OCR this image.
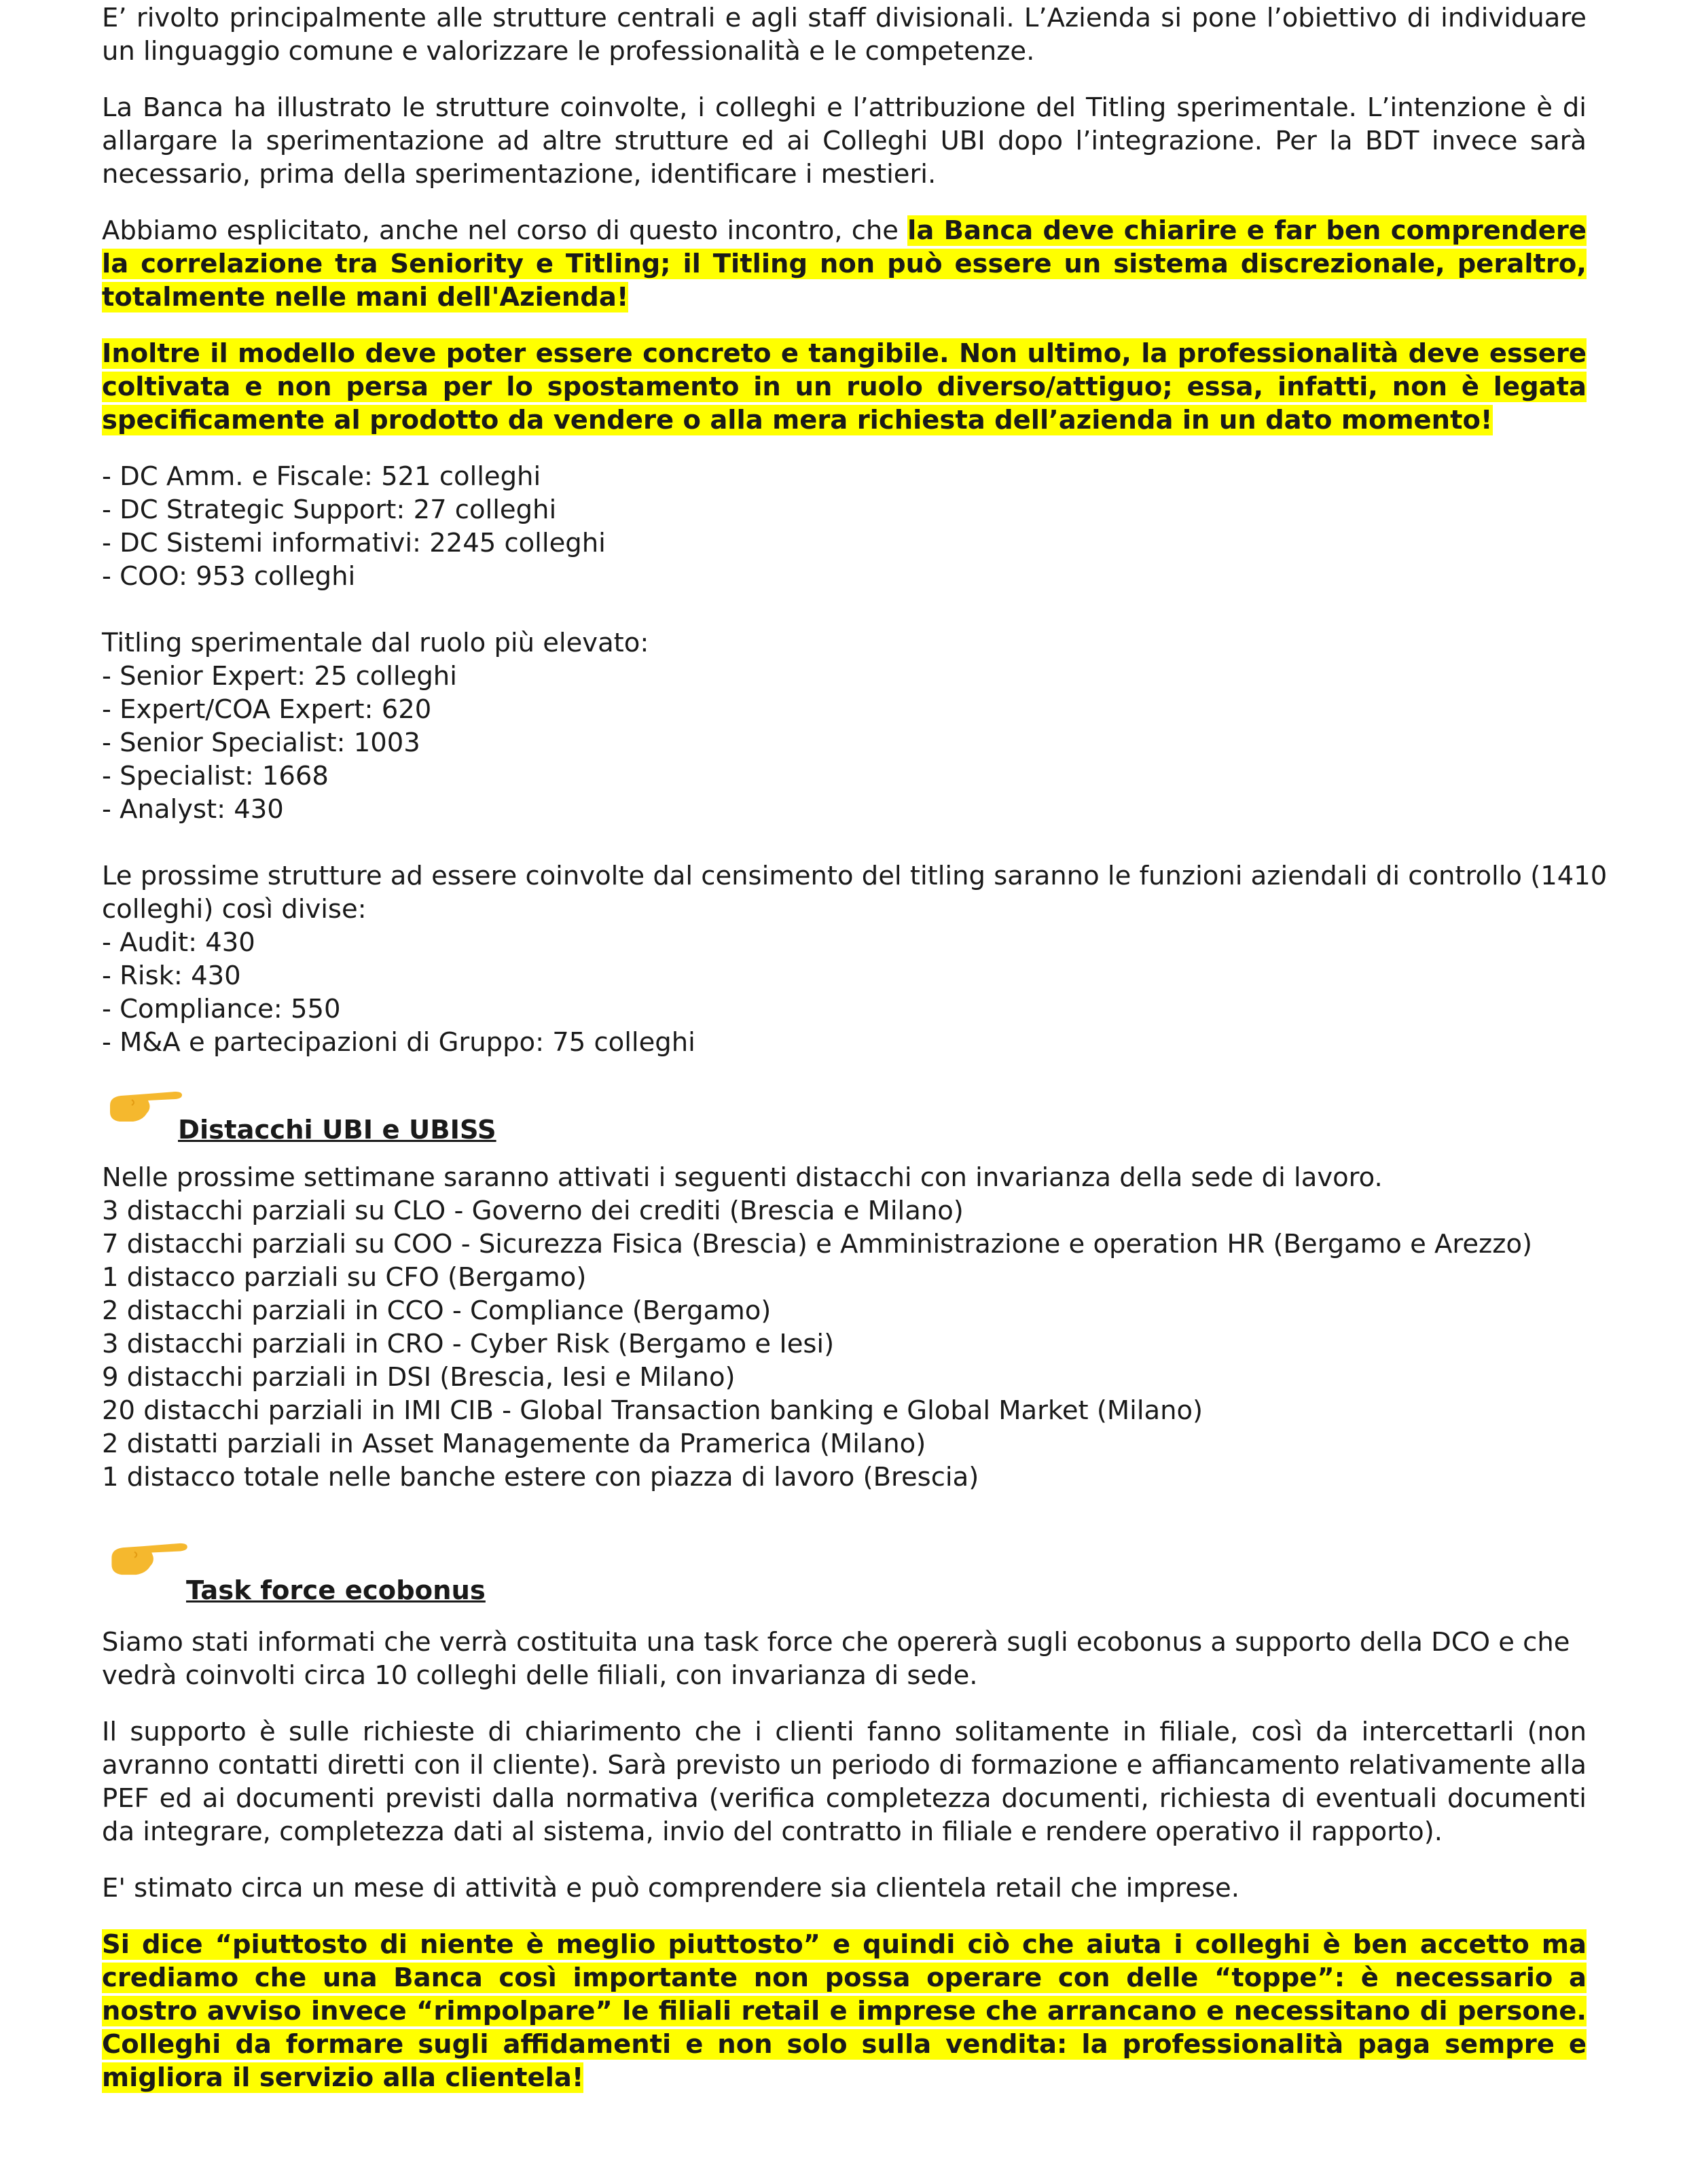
E’ rivolto principalmente alle strutture centrali e agli staff divisionali. L’Azienda si pone l’obiettivo di individuare un linguaggio comune e valorizzare le professionalità e le competenze.

La Banca ha illustrato le strutture coinvolte, i colleghi e l’attribuzione del Titling sperimentale. L’intenzione è di allargare la sperimentazione ad altre strutture ed ai Colleghi UBI dopo l’integrazione. Per la BDT invece sarà necessario, prima della sperimentazione, identificare i mestieri.

Abbiamo esplicitato, anche nel corso di questo incontro, che la Banca deve chiarire e far ben comprendere la correlazione tra Seniority e Titling; il Titling non può essere un sistema discrezionale, peraltro, totalmente nelle mani dell'Azienda!

Inoltre il modello deve poter essere concreto e tangibile. Non ultimo, la professionalità deve essere coltivata e non persa per lo spostamento in un ruolo diverso/attiguo; essa, infatti, non è legata specificamente al prodotto da vendere o alla mera richiesta dell’azienda in un dato momento!

- DC Amm. e Fiscale: 521 colleghi
- DC Strategic Support: 27 colleghi
- DC Sistemi informativi: 2245 colleghi
- COO: 953 colleghi
Titling sperimentale dal ruolo più elevato:
- Senior Expert: 25 colleghi
- Expert/COA Expert: 620
- Senior Specialist: 1003
- Specialist: 1668
- Analyst: 430
Le prossime strutture ad essere coinvolte dal censimento del titling saranno le funzioni aziendali di controllo (1410
colleghi) così divise:
- Audit: 430
- Risk: 430
- Compliance: 550
- M&A e partecipazioni di Gruppo: 75 colleghi
Distacchi UBI e UBISS
Nelle prossime settimane saranno attivati i seguenti distacchi con invarianza della sede di lavoro.
3 distacchi parziali su CLO - Governo dei crediti (Brescia e Milano)
7 distacchi parziali su COO - Sicurezza Fisica (Brescia) e Amministrazione e operation HR (Bergamo e Arezzo)
1 distacco parziali su CFO (Bergamo)
2 distacchi parziali in CCO - Compliance (Bergamo)
3 distacchi parziali in CRO - Cyber Risk (Bergamo e Iesi)
9 distacchi parziali in DSI (Brescia, Iesi e Milano)
20 distacchi parziali in IMI CIB - Global Transaction banking e Global Market (Milano)
2 distatti parziali in Asset Managemente da Pramerica (Milano)
1 distacco totale nelle banche estere con piazza di lavoro (Brescia)
Task force ecobonus
Siamo stati informati che verrà costituita una task force che opererà sugli ecobonus a supporto della DCO e che
vedrà coinvolti circa 10 colleghi delle filiali, con invarianza di sede.

Il supporto è sulle richieste di chiarimento che i clienti fanno solitamente in filiale, così da intercettarli (non avranno contatti diretti con il cliente). Sarà previsto un periodo di formazione e affiancamento relativamente alla PEF ed ai documenti previsti dalla normativa (verifica completezza documenti, richiesta di eventuali documenti da integrare, completezza dati al sistema, invio del contratto in filiale e rendere operativo il rapporto).

E' stimato circa un mese di attività e può comprendere sia clientela retail che imprese.

Si dice “piuttosto di niente è meglio piuttosto” e quindi ciò che aiuta i colleghi è ben accetto ma crediamo che una Banca così importante non possa operare con delle “toppe”: è necessario a nostro avviso invece “rimpolpare” le filiali retail e imprese che arrancano e necessitano di persone. Colleghi da formare sugli affidamenti e non solo sulla vendita: la professionalità paga sempre e migliora il servizio alla clientela!
